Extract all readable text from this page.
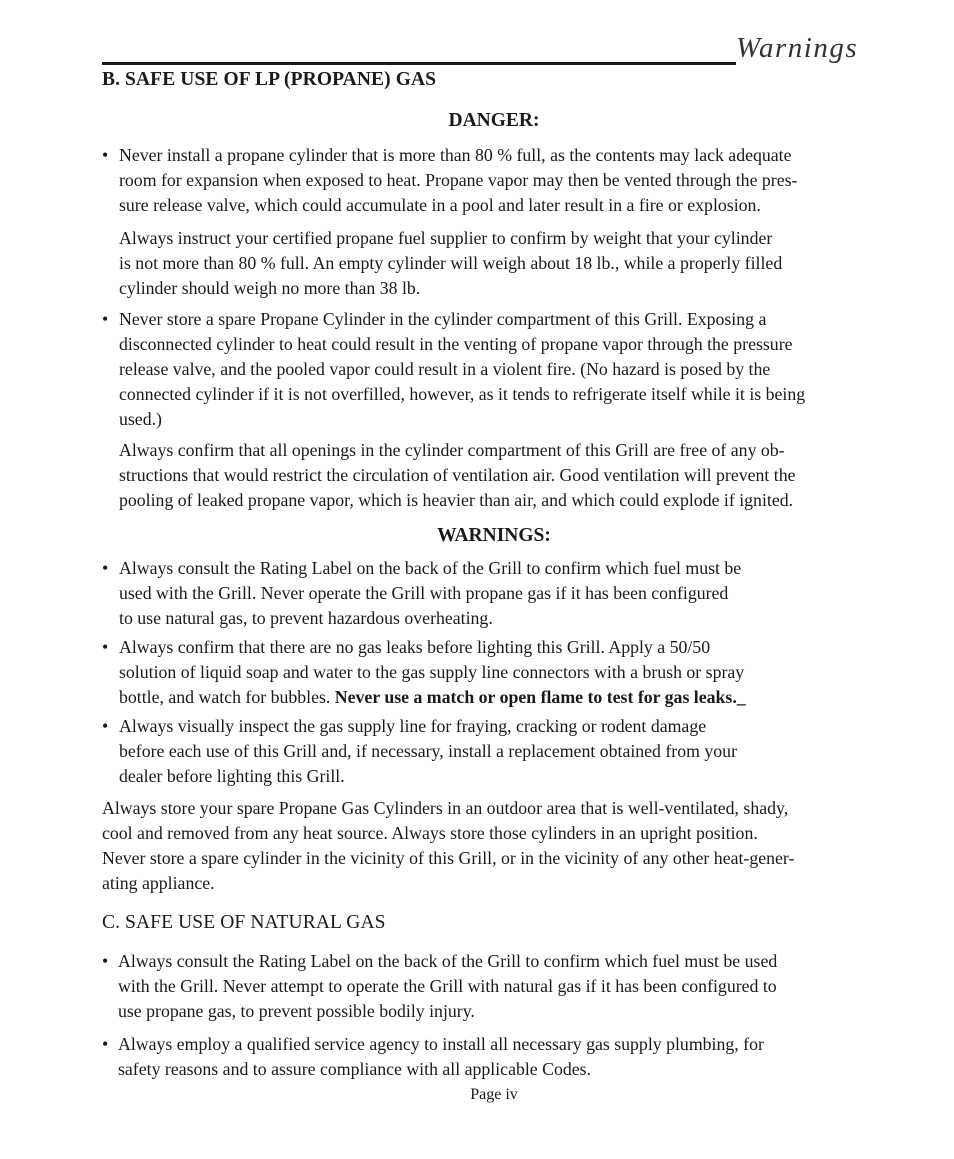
Warnings
B. SAFE USE OF LP (PROPANE) GAS
DANGER:
• Never install a propane cylinder that is more than 80 % full, as the contents may lack adequate
room for expansion when exposed to heat. Propane vapor may then be vented through the pres-
sure release valve, which could accumulate in a pool and later result in a fire or explosion.
Always instruct your certified propane fuel supplier to confirm by weight that your cylinder
is not more than 80 % full. An empty cylinder will weigh about 18 lb., while a properly filled
cylinder should weigh no more than 38 lb.
• Never store a spare Propane Cylinder in the cylinder compartment of this Grill. Exposing a
disconnected cylinder to heat could result in the venting of propane vapor through the pressure
release valve, and the pooled vapor could result in a violent fire. (No hazard is posed by the
connected cylinder if it is not overfilled, however, as it tends to refrigerate itself while it is being
used.)
Always confirm that all openings in the cylinder compartment of this Grill are free of any ob-
structions that would restrict the circulation of ventilation air. Good ventilation will prevent the
pooling of leaked propane vapor, which is heavier than air, and which could explode if ignited.
WARNINGS:
• Always consult the Rating Label on the back of the Grill to confirm which fuel must be
used with the Grill. Never operate the Grill with propane gas if it has been configured
to use natural gas, to prevent hazardous overheating.
• Always confirm that there are no gas leaks before lighting this Grill. Apply a 50/50
solution of liquid soap and water to the gas supply line connectors with a brush or spray
bottle, and watch for bubbles. Never use a match or open flame to test for gas leaks._
• Always visually inspect the gas supply line for fraying, cracking or rodent damage
before each use of this Grill and, if necessary, install a replacement obtained from your
dealer before lighting this Grill.
Always store your spare Propane Gas Cylinders in an outdoor area that is well-ventilated, shady,
cool and removed from any heat source. Always store those cylinders in an upright position.
Never store a spare cylinder in the vicinity of this Grill, or in the vicinity of any other heat-gener-
ating appliance.
C. SAFE USE OF NATURAL GAS
• Always consult the Rating Label on the back of the Grill to confirm which fuel must be used
with the Grill. Never attempt to operate the Grill with natural gas if it has been configured to
use propane gas, to prevent possible bodily injury.
• Always employ a qualified service agency to install all necessary gas supply plumbing, for
safety reasons and to assure compliance with all applicable Codes.
Page iv
